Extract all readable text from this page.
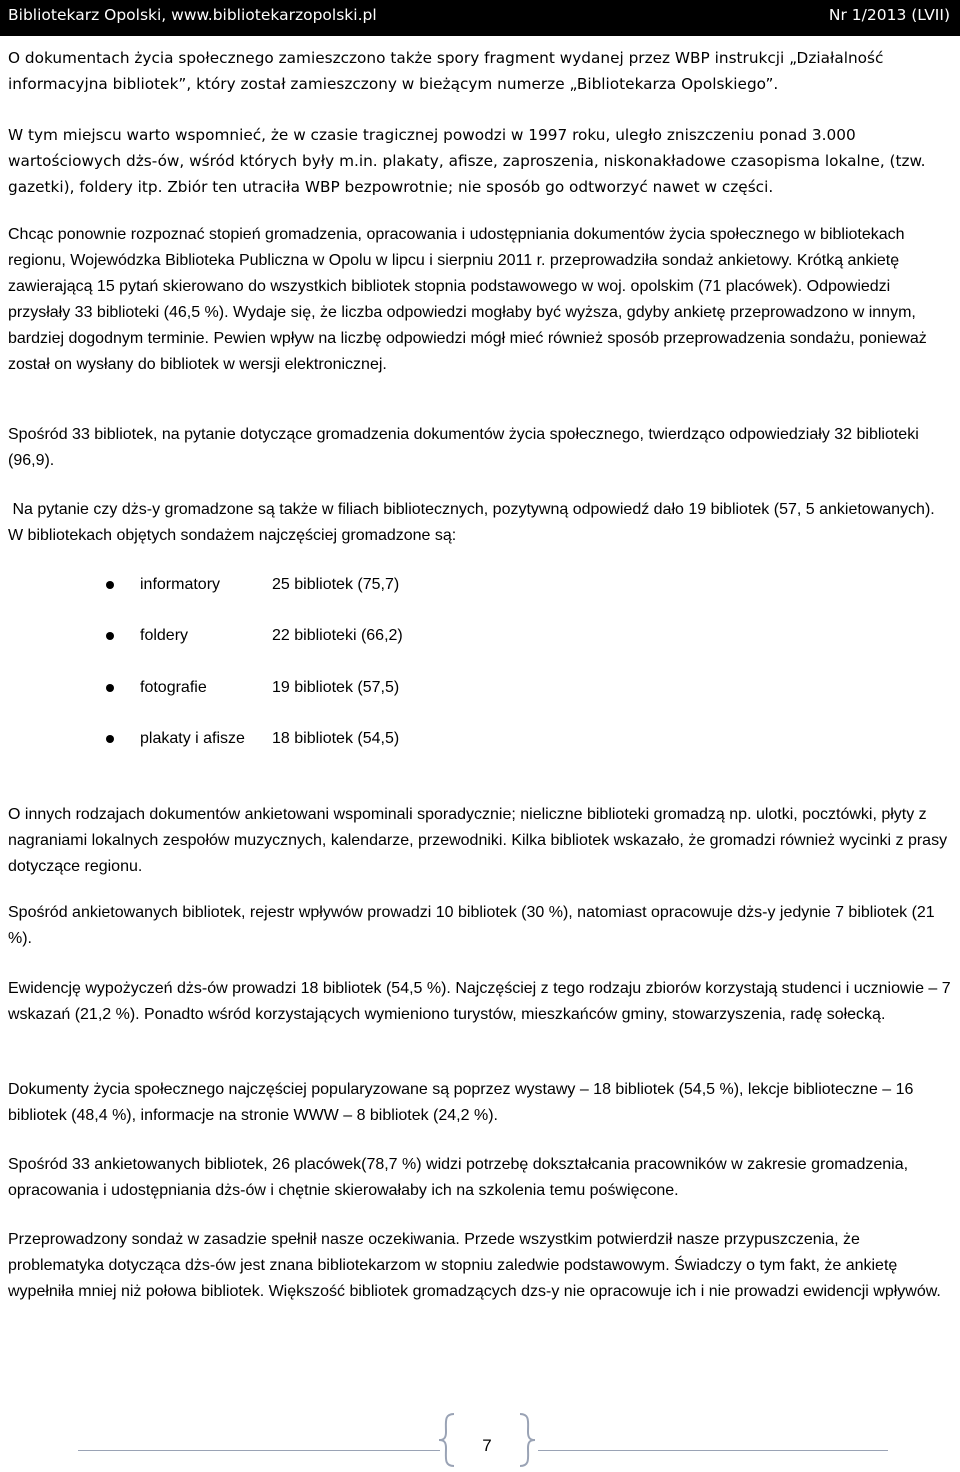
Bibliotekarz Opolski, www.bibliotekarzopolski.pl	Nr 1/2013 (LVII)

O dokumentach życia społecznego zamieszczono także spory fragment wydanej przez WBP instrukcji „Działalność informacyjna bibliotek”, który został zamieszczony w bieżącym numerze „Bibliotekarza Opolskiego”.

W tym miejscu warto wspomnieć, że w czasie tragicznej powodzi w 1997 roku, uległo zniszczeniu ponad 3.000 wartościowych dżs-ów, wśród których były m.in. plakaty, afisze, zaproszenia, niskonakładowe czasopisma lokalne, (tzw. gazetki), foldery itp. Zbiór ten utraciła WBP bezpowrotnie; nie sposób go odtworzyć nawet w części.

Chcąc ponownie rozpoznać stopień gromadzenia, opracowania i udostępniania dokumentów życia społecznego w bibliotekach regionu, Wojewódzka Biblioteka Publiczna w Opolu w lipcu i sierpniu 2011 r. przeprowadziła sondaż ankietowy. Krótką ankietę zawierającą 15 pytań skierowano do wszystkich bibliotek stopnia podstawowego w woj. opolskim (71 placówek). Odpowiedzi przysłały 33 biblioteki (46,5 %). Wydaje się, że liczba odpowiedzi mogłaby być wyższa, gdyby ankietę przeprowadzono w innym, bardziej dogodnym terminie. Pewien wpływ na liczbę odpowiedzi mógł mieć również sposób przeprowadzenia sondażu, ponieważ został on wysłany do bibliotek w wersji elektronicznej.

Spośród 33 bibliotek, na pytanie dotyczące gromadzenia dokumentów życia społecznego, twierdząco odpowiedziały 32 biblioteki (96,9).

Na pytanie czy dżs-y gromadzone są także w filiach bibliotecznych, pozytywną odpowiedź dało 19 bibliotek (57, 5 ankietowanych).  W bibliotekach objętych sondażem najczęściej gromadzone są:

informatory	25 bibliotek (75,7)
foldery	22 biblioteki (66,2)
fotografie	19 bibliotek (57,5)
plakaty i afisze 18 bibliotek (54,5)

O innych rodzajach dokumentów ankietowani wspominali sporadycznie; nieliczne biblioteki gromadzą np. ulotki, pocztówki, płyty z nagraniami lokalnych zespołów muzycznych, kalendarze, przewodniki. Kilka bibliotek wskazało, że gromadzi również wycinki z prasy dotyczące regionu.

Spośród ankietowanych bibliotek, rejestr wpływów prowadzi 10 bibliotek (30 %), natomiast opracowuje dżs-y jedynie 7 bibliotek (21 %).

Ewidencję wypożyczeń dżs-ów prowadzi 18 bibliotek (54,5 %). Najczęściej z tego rodzaju zbiorów korzystają studenci i uczniowie – 7 wskazań (21,2 %). Ponadto wśród korzystających wymieniono turystów, mieszkańców gminy, stowarzyszenia, radę sołecką.

Dokumenty życia społecznego najczęściej popularyzowane są poprzez wystawy – 18 bibliotek (54,5 %), lekcje biblioteczne – 16 bibliotek (48,4 %), informacje na stronie WWW – 8 bibliotek (24,2 %).

Spośród 33 ankietowanych bibliotek, 26 placówek(78,7 %) widzi potrzebę dokształcania pracowników w zakresie gromadzenia, opracowania i udostępniania dżs-ów i chętnie skierowałaby ich na szkolenia temu poświęcone.

Przeprowadzony sondaż w zasadzie spełnił nasze oczekiwania. Przede wszystkim potwierdził nasze przypuszczenia, że problematyka dotycząca dżs-ów jest znana bibliotekarzom w stopniu zaledwie podstawowym. Świadczy o tym fakt, że ankietę wypełniła mniej niż połowa bibliotek. Większość bibliotek gromadzących dzs-y nie opracowuje ich i nie prowadzi ewidencji wpływów.

7
